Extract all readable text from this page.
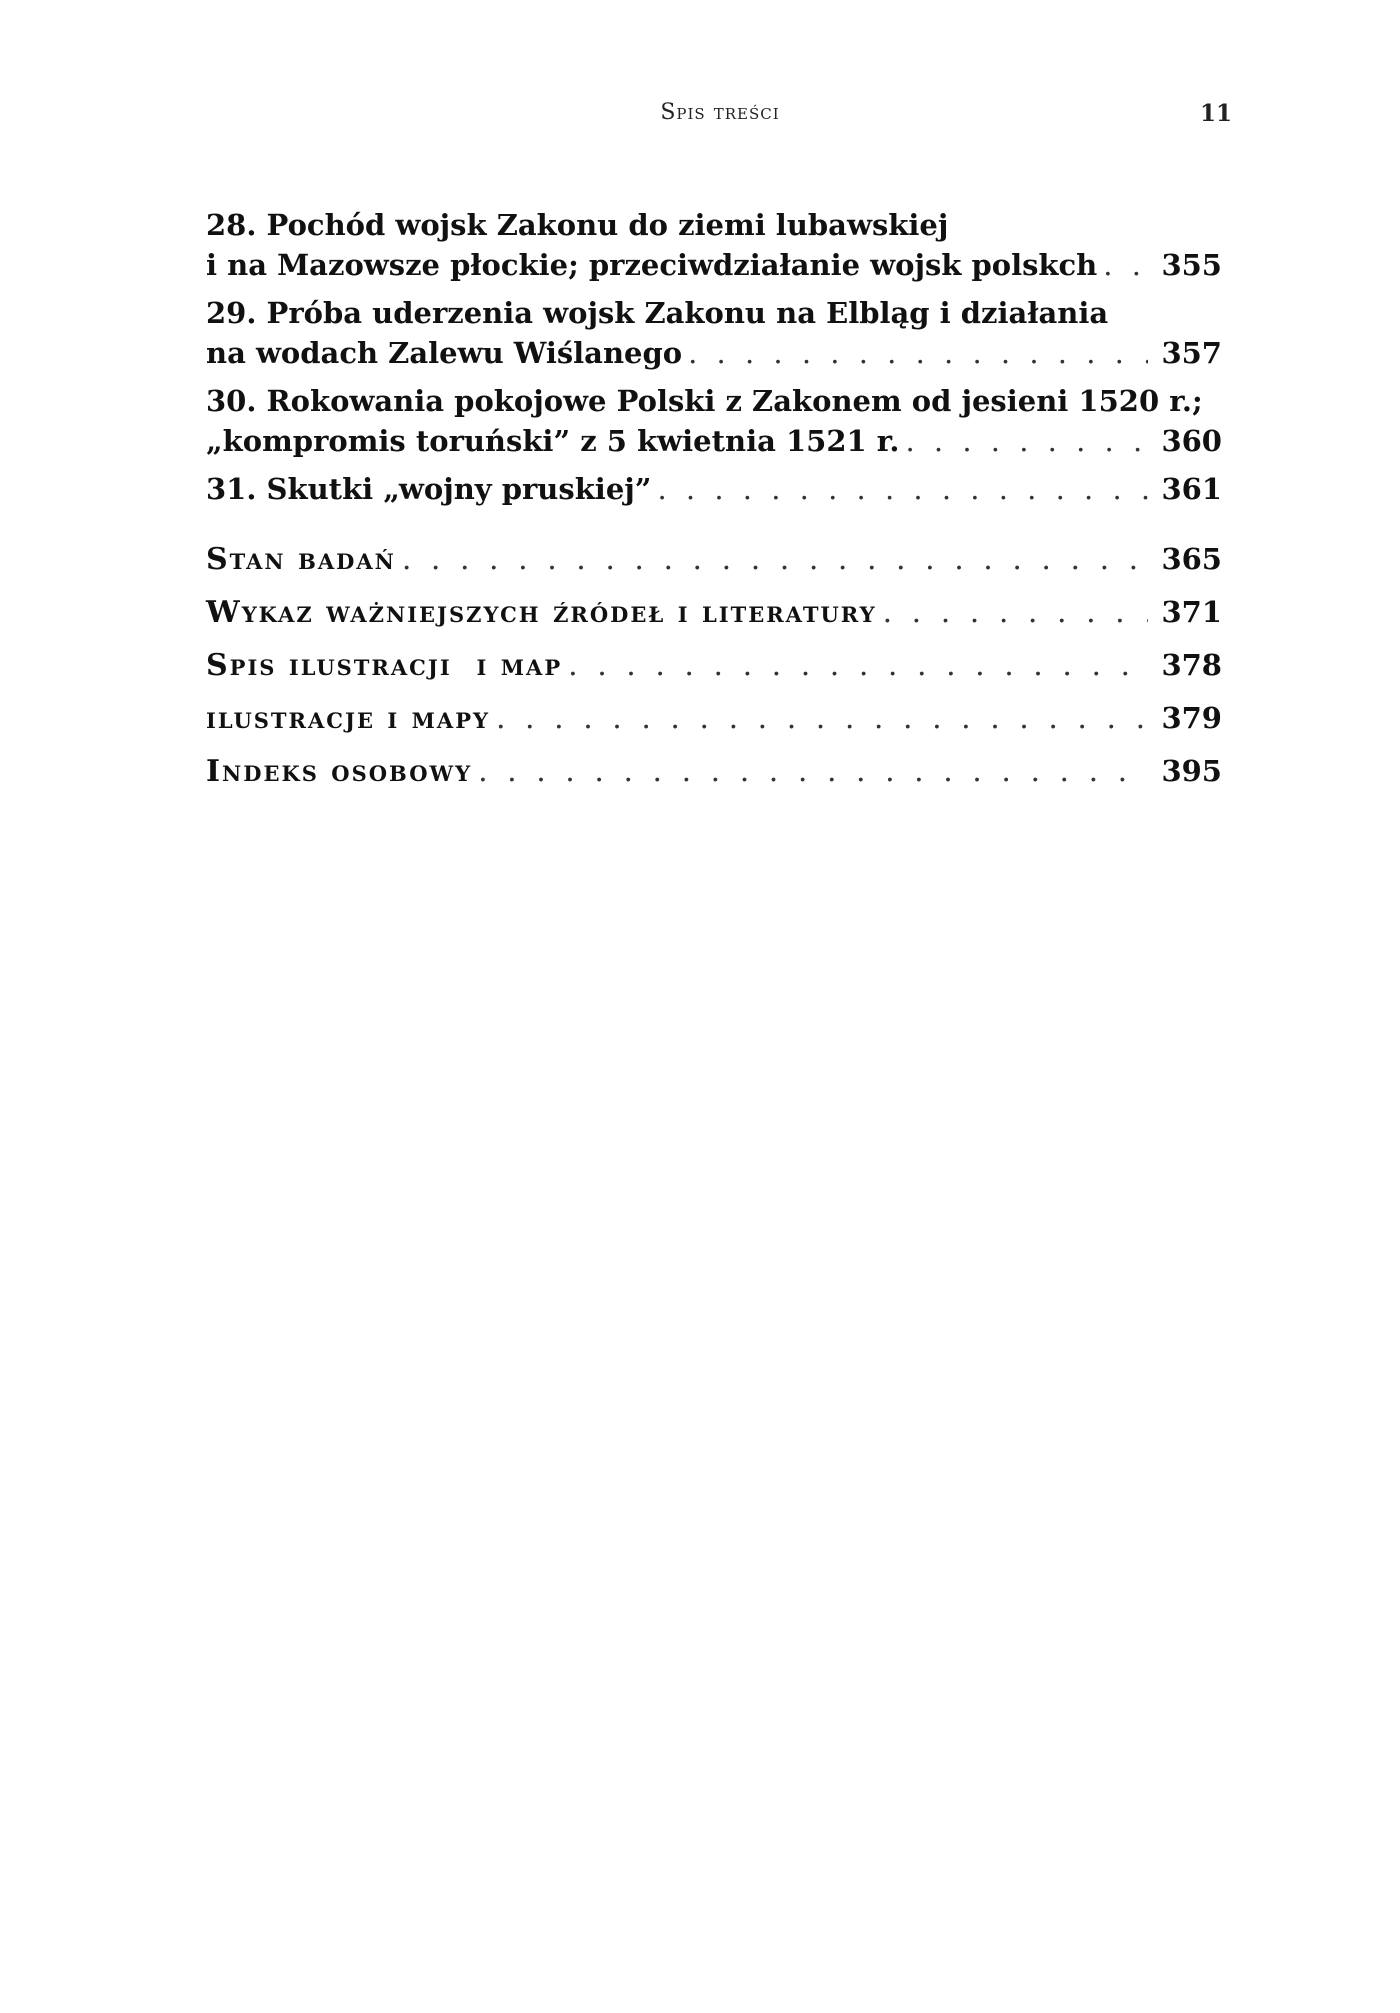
Spis treści	11
28. Pochód wojsk Zakonu do ziemi lubawskiej
i na Mazowsze płockie; przeciwdziałanie wojsk polskch . . . 355
29. Próba uderzenia wojsk Zakonu na Elbląg i działania
na wodach Zalewu Wiślanego . . .	357
30. Rokowania pokojowe Polski z Zakonem od jesieni 1520 r.;
„kompromis toruński” z 5 kwietnia 1521 r. . . .	360
31. Skutki „wojny pruskiej” . . .	361
Stan badań . . .	365
Wykaz ważniejszych źródeł i literatury . . .	371
Spis ilustracji  i map . . .	378
ilustracje i mapy . . .	379
Indeks osobowy . . .	395
